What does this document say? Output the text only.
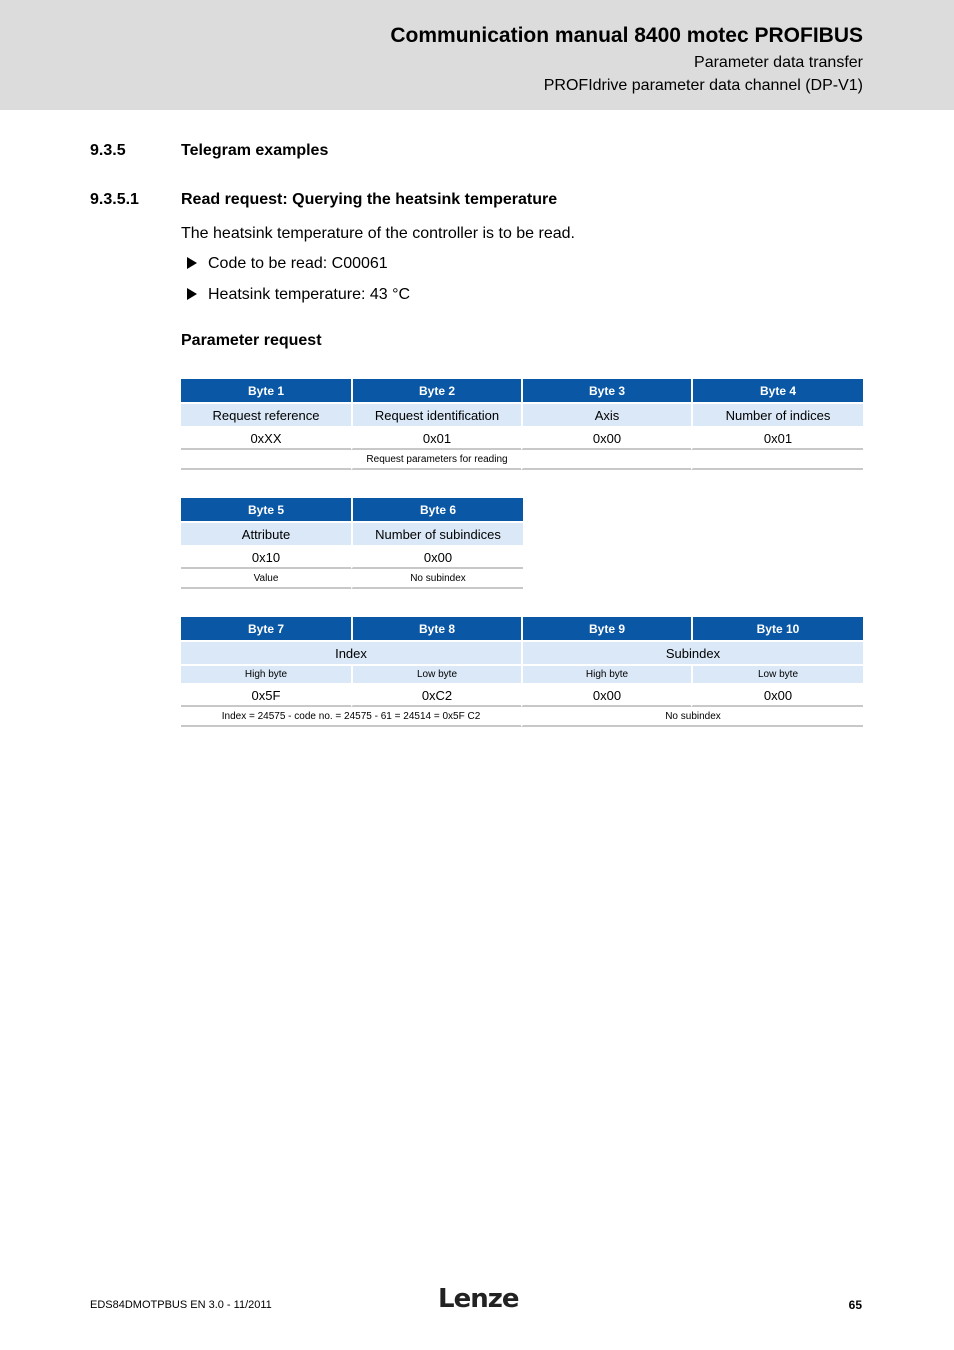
Communication manual 8400 motec PROFIBUS
Parameter data transfer
PROFIdrive parameter data channel (DP-V1)
9.3.5	Telegram examples
9.3.5.1	Read request: Querying the heatsink temperature
The heatsink temperature of the controller is to be read.
Code to be read: C00061
Heatsink temperature: 43 °C
Parameter request
Byte 1	Byte 2	Byte 3	Byte 4
Request reference	Request identification	Axis	Number of indices
0xXX	0x01	0x00	0x01
	Request parameters for reading		
Byte 5	Byte 6
Attribute	Number of subindices
0x10	0x00
Value	No subindex
Byte 7	Byte 8	Byte 9	Byte 10
Index		Subindex	
High byte	Low byte	High byte	Low byte
0x5F	0xC2	0x00	0x00
Index = 24575 - code no. = 24575 - 61 = 24514 = 0x5F C2		No subindex	
EDS84DMOTPBUS EN 3.0 - 11/2011	Lenze	65
